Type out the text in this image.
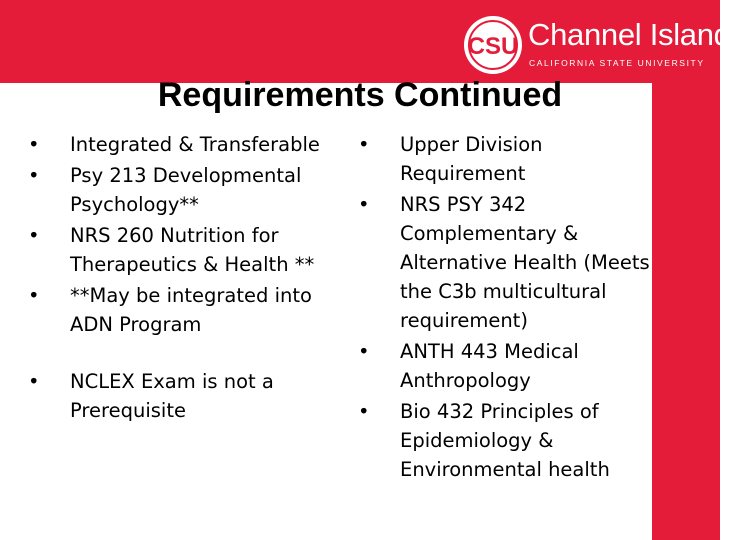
CSU Channel Islands
CALIFORNIA STATE UNIVERSITY
Requirements Continued
•	Integrated & Transferable
•	Psy 213 Developmental Psychology**
•	NRS 260 Nutrition for Therapeutics & Health **
•	**May be integrated into ADN Program
•	NCLEX Exam is not a Prerequisite
•	Upper Division Requirement
•	NRS PSY 342 Complementary & Alternative Health (Meets the C3b multicultural requirement)
•	ANTH 443 Medical Anthropology
•	Bio 432 Principles of Epidemiology & Environmental health
